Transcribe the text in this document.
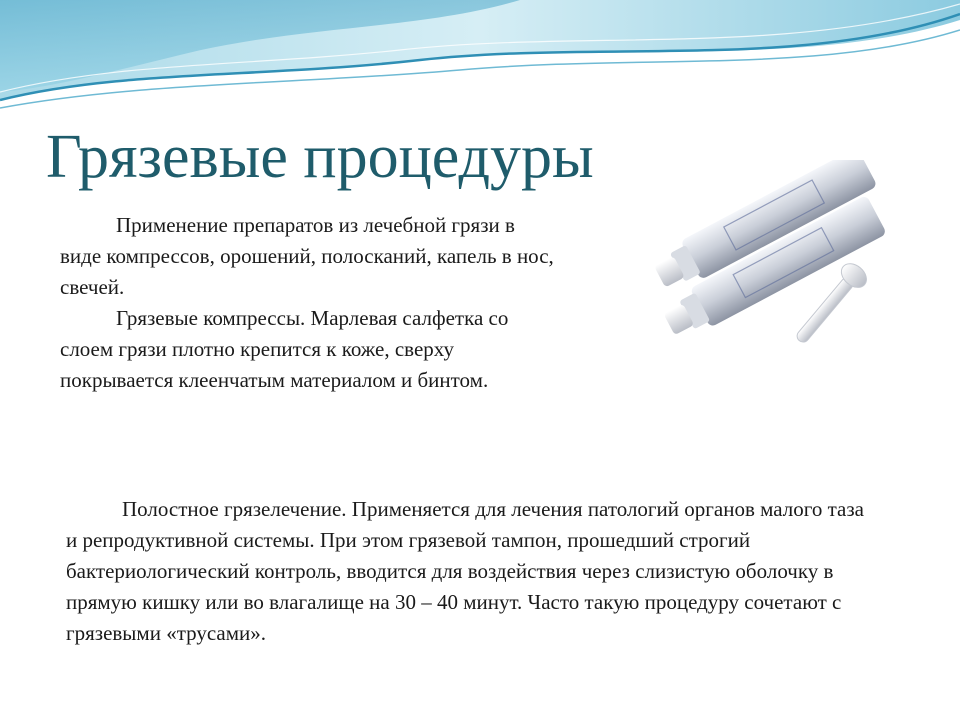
Грязевые процедуры

Применение препаратов из лечебной грязи в виде компрессов, орошений, полосканий, капель в нос, свечей.

Грязевые компрессы. Марлевая салфетка со слоем грязи плотно крепится к коже, сверху покрывается клеенчатым материалом и бинтом.

Полостное грязелечение. Применяется для лечения патологий органов малого таза и репродуктивной системы. При этом грязевой тампон, прошедший строгий бактериологический контроль, вводится для воздействия через слизистую оболочку в прямую кишку или во влагалище на 30 – 40 минут. Часто такую процедуру сочетают с грязевыми «трусами».
